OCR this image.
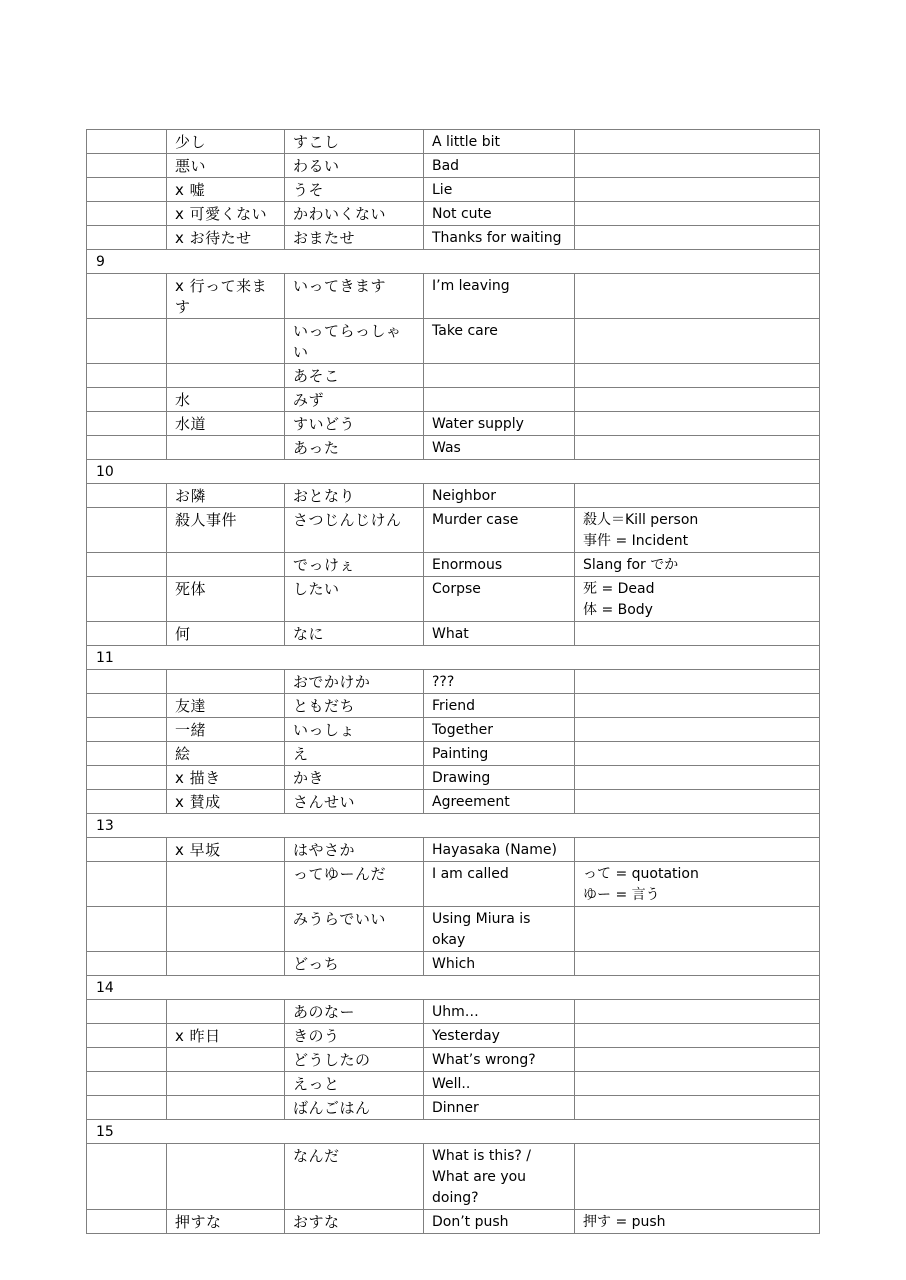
	少し	すこし	A little bit	
	悪い	わるい	Bad	
	x 嘘	うそ	Lie	
	x 可愛くない	かわいくない	Not cute	
	x お待たせ	おまたせ	Thanks for waiting	
9				
	x 行って来ます	いってきます	I’m leaving	
		いってらっしゃい	Take care	
		あそこ		
	水	みず		
	水道	すいどう	Water supply	
		あった	Was	
10				
	お隣	おとなり	Neighbor	
	殺人事件	さつじんじけん	Murder case	殺人＝Kill person
事件 = Incident
		でっけぇ	Enormous	Slang for でか
	死体	したい	Corpse	死 = Dead
体 = Body
	何	なに	What	
11				
		おでかけか	???	
	友達	ともだち	Friend	
	一緒	いっしょ	Together	
	絵	え	Painting	
	x 描き	かき	Drawing	
	x 賛成	さんせい	Agreement	
13				
	x 早坂	はやさか	Hayasaka (Name)	
		ってゆーんだ	I am called	って = quotation
ゆー = 言う
		みうらでいい	Using Miura is okay	
		どっち	Which	
14				
		あのなー	Uhm…	
	x 昨日	きのう	Yesterday	
		どうしたの	What’s wrong?	
		えっと	Well..	
		ばんごはん	Dinner	
15				
		なんだ	What is this? /
What are you
doing?	
	押すな	おすな	Don’t push	押す = push
